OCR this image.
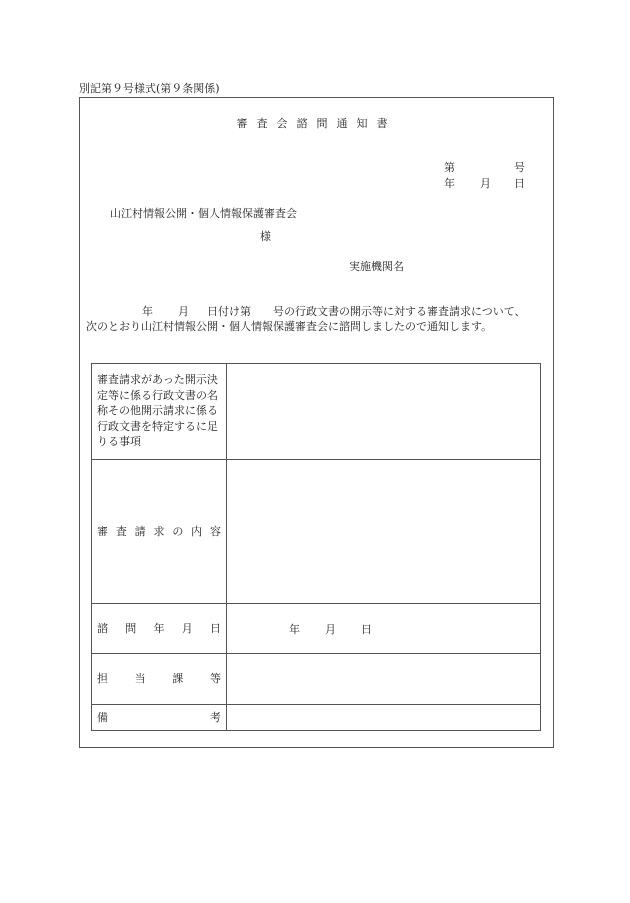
別記第９号様式(第９条関係)
審査会諮問通知書
第	号
年 月 日
山江村情報公開・個人情報保護審査会
様
実施機関名
年 月 日付け第 号の行政文書の開示等に対する審査請求について、
次のとおり山江村情報公開・個人情報保護審査会に諮問しましたので通知します。
審査請求があった開示決定等に係る行政文書の名称その他開示請求に係る行政文書を特定するに足りる事項
審 査 請 求 の 内 容
諮 問 年 月 日	年 月 日
担 当 課 等
備	考
